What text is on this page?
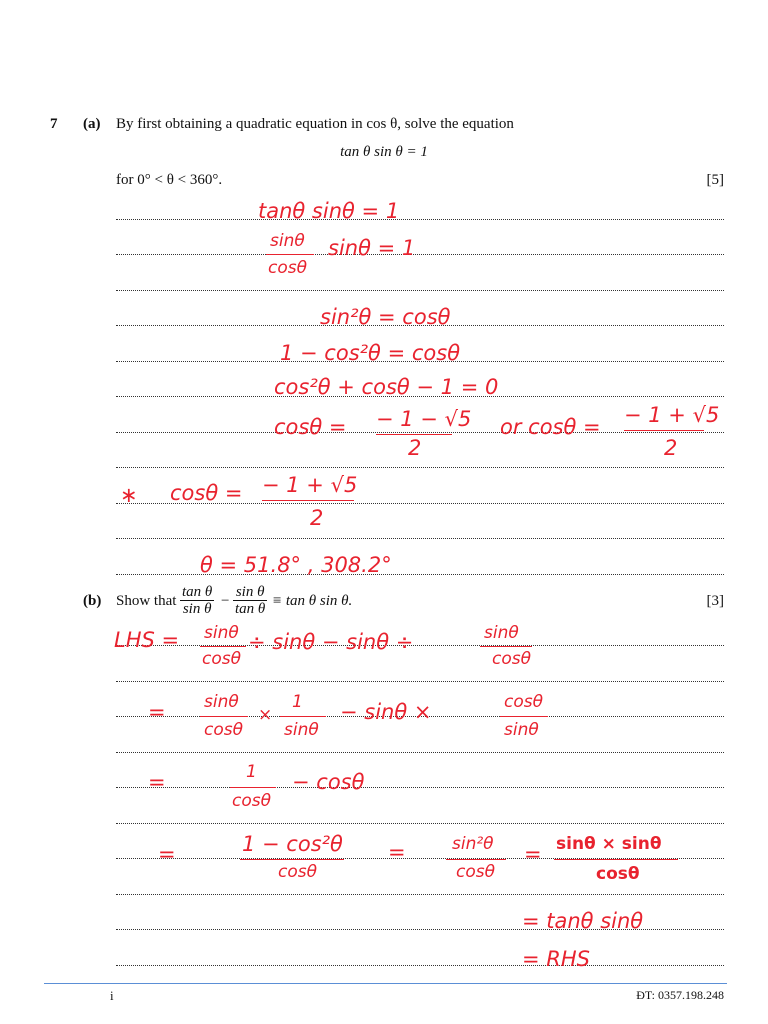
7 (a) By first obtaining a quadratic equation in cos θ, solve the equation
tan θ sin θ = 1
for 0° < θ < 360°.	[5]
tanθ sinθ = 1
sinθ
cosθ
sinθ = 1
sin²θ = cosθ
1 − cos²θ = cosθ
cos²θ + cosθ − 1 = 0
cosθ = − 1 − √5
2
or cosθ = − 1 + √5
2
∗ cosθ = − 1 + √5
2
θ = 51.8° , 308.2°
(b) Show that $\frac{\text{tan θ}}{\text{sin θ}} - \frac{\text{sin θ}}{\text{tan θ}} \equiv \tan \theta$ sin θ.	[3]
LHS = sinθ
cosθ
÷ sinθ − sinθ ÷	sinθ
cosθ
= sinθ
cosθ
×
1
sinθ
− sinθ ×	cosθ
sinθ
=	1
cosθ
− cosθ
=	1 − cos²θ
cosθ
=	sin²θ
cosθ
= sinθ × sinθ
cosθ
= tanθ sinθ
= RHS
i	ĐT: 0357.198.248
